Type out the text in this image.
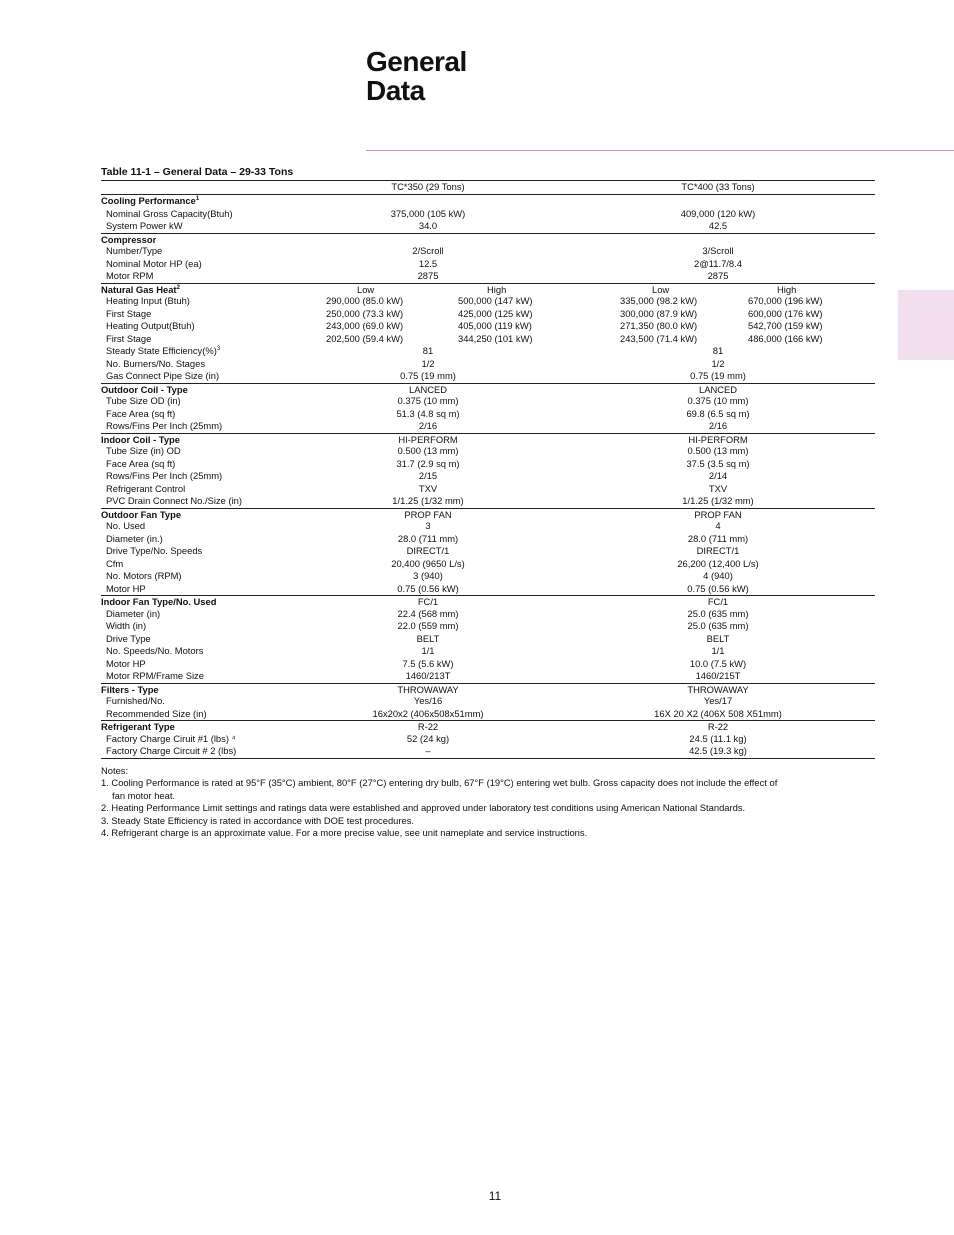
General
Data
Table 11-1 – General Data – 29-33 Tons
TC*350 (29 Tons)	TC*400 (33 Tons)
Cooling Performance$^1$
Nominal Gross Capacity(Btuh)	375,000 (105 kW)	409,000 (120 kW)
System Power kW	34.0	42.5
Compressor
Number/Type	2/Scroll	3/Scroll
Nominal Motor HP (ea)	12.5	2@11.7/8.4
Motor RPM	2875	2875
Natural Gas Heat$^2$	Low	High	Low	High
Heating Input (Btuh)	290,000 (85.0 kW)	500,000 (147 kW)	335,000 (98.2 kW)	670,000 (196 kW)
First Stage	250,000 (73.3 kW)	425,000 (125 kW)	300,000 (87.9 kW)	600,000 (176 kW)
Heating Output(Btuh)	243,000 (69.0 kW)	405,000 (119 kW)	271,350 (80.0 kW)	542,700 (159 kW)
First Stage	202,500 (59.4 kW)	344,250 (101 kW)	243,500 (71.4 kW)	486,000 (166 kW)
Steady State Efficiency(%)$^3$	81	81
No. Burners/No. Stages	1/2	1/2
Gas Connect Pipe Size (in)	0.75 (19 mm)	0.75 (19 mm)
Outdoor Coil - Type	LANCED	LANCED
Tube Size OD (in)	0.375 (10 mm)	0.375 (10 mm)
Face Area (sq ft)	51.3 (4.8 sq m)	69.8 (6.5 sq m)
Rows/Fins Per Inch (25mm)	2/16	2/16
Indoor Coil - Type	HI-PERFORM	HI-PERFORM
Tube Size (in) OD	0.500 (13 mm)	0.500 (13 mm)
Face Area (sq ft)	31.7 (2.9 sq m)	37.5 (3.5 sq m)
Rows/Fins Per Inch (25mm)	2/15	2/14
Refrigerant Control	TXV	TXV
PVC Drain Connect No./Size (in)	1/1.25 (1/32 mm)	1/1.25 (1/32 mm)
Outdoor Fan Type	PROP FAN	PROP FAN
No. Used	3	4
Diameter (in.)	28.0 (711 mm)	28.0 (711 mm)
Drive Type/No. Speeds	DIRECT/1	DIRECT/1
Cfm	20,400 (9650 L/s)	26,200 (12,400 L/s)
No. Motors (RPM)	3 (940)	4 (940)
Motor HP	0.75 (0.56 kW)	0.75 (0.56 kW)
Indoor Fan Type/No. Used	FC/1	FC/1
Diameter (in)	22.4 (568 mm)	25.0 (635 mm)
Width (in)	22.0 (559 mm)	25.0 (635 mm)
Drive Type	BELT	BELT
No. Speeds/No. Motors	1/1	1/1
Motor HP	7.5 (5.6 kW)	10.0 (7.5 kW)
Motor RPM/Frame Size	1460/213T	1460/215T
Filters - Type	THROWAWAY	THROWAWAY
Furnished/No.	Yes/16	Yes/17
Recommended Size (in)	16x20x2 (406x508x51mm)	16X 20 X2 (406X 508 X51mm)
Refrigerant Type	R-22	R-22
Factory Charge Ciruit #1 (lbs) ⁴	52 (24 kg)	24.5 (11.1 kg)
Factory Charge Circuit # 2 (lbs)	–	42.5 (19.3 kg)
Notes:
1. Cooling Performance is rated at 95°F (35°C) ambient, 80°F (27°C) entering dry bulb, 67°F (19°C) entering wet bulb. Gross capacity does not include the effect of
fan motor heat.
2. Heating Performance Limit settings and ratings data were established and approved under laboratory test conditions using American National Standards.
3. Steady State Efficiency is rated in accordance with DOE test procedures.
4. Refrigerant charge is an approximate value. For a more precise value, see unit nameplate and service instructions.
11
